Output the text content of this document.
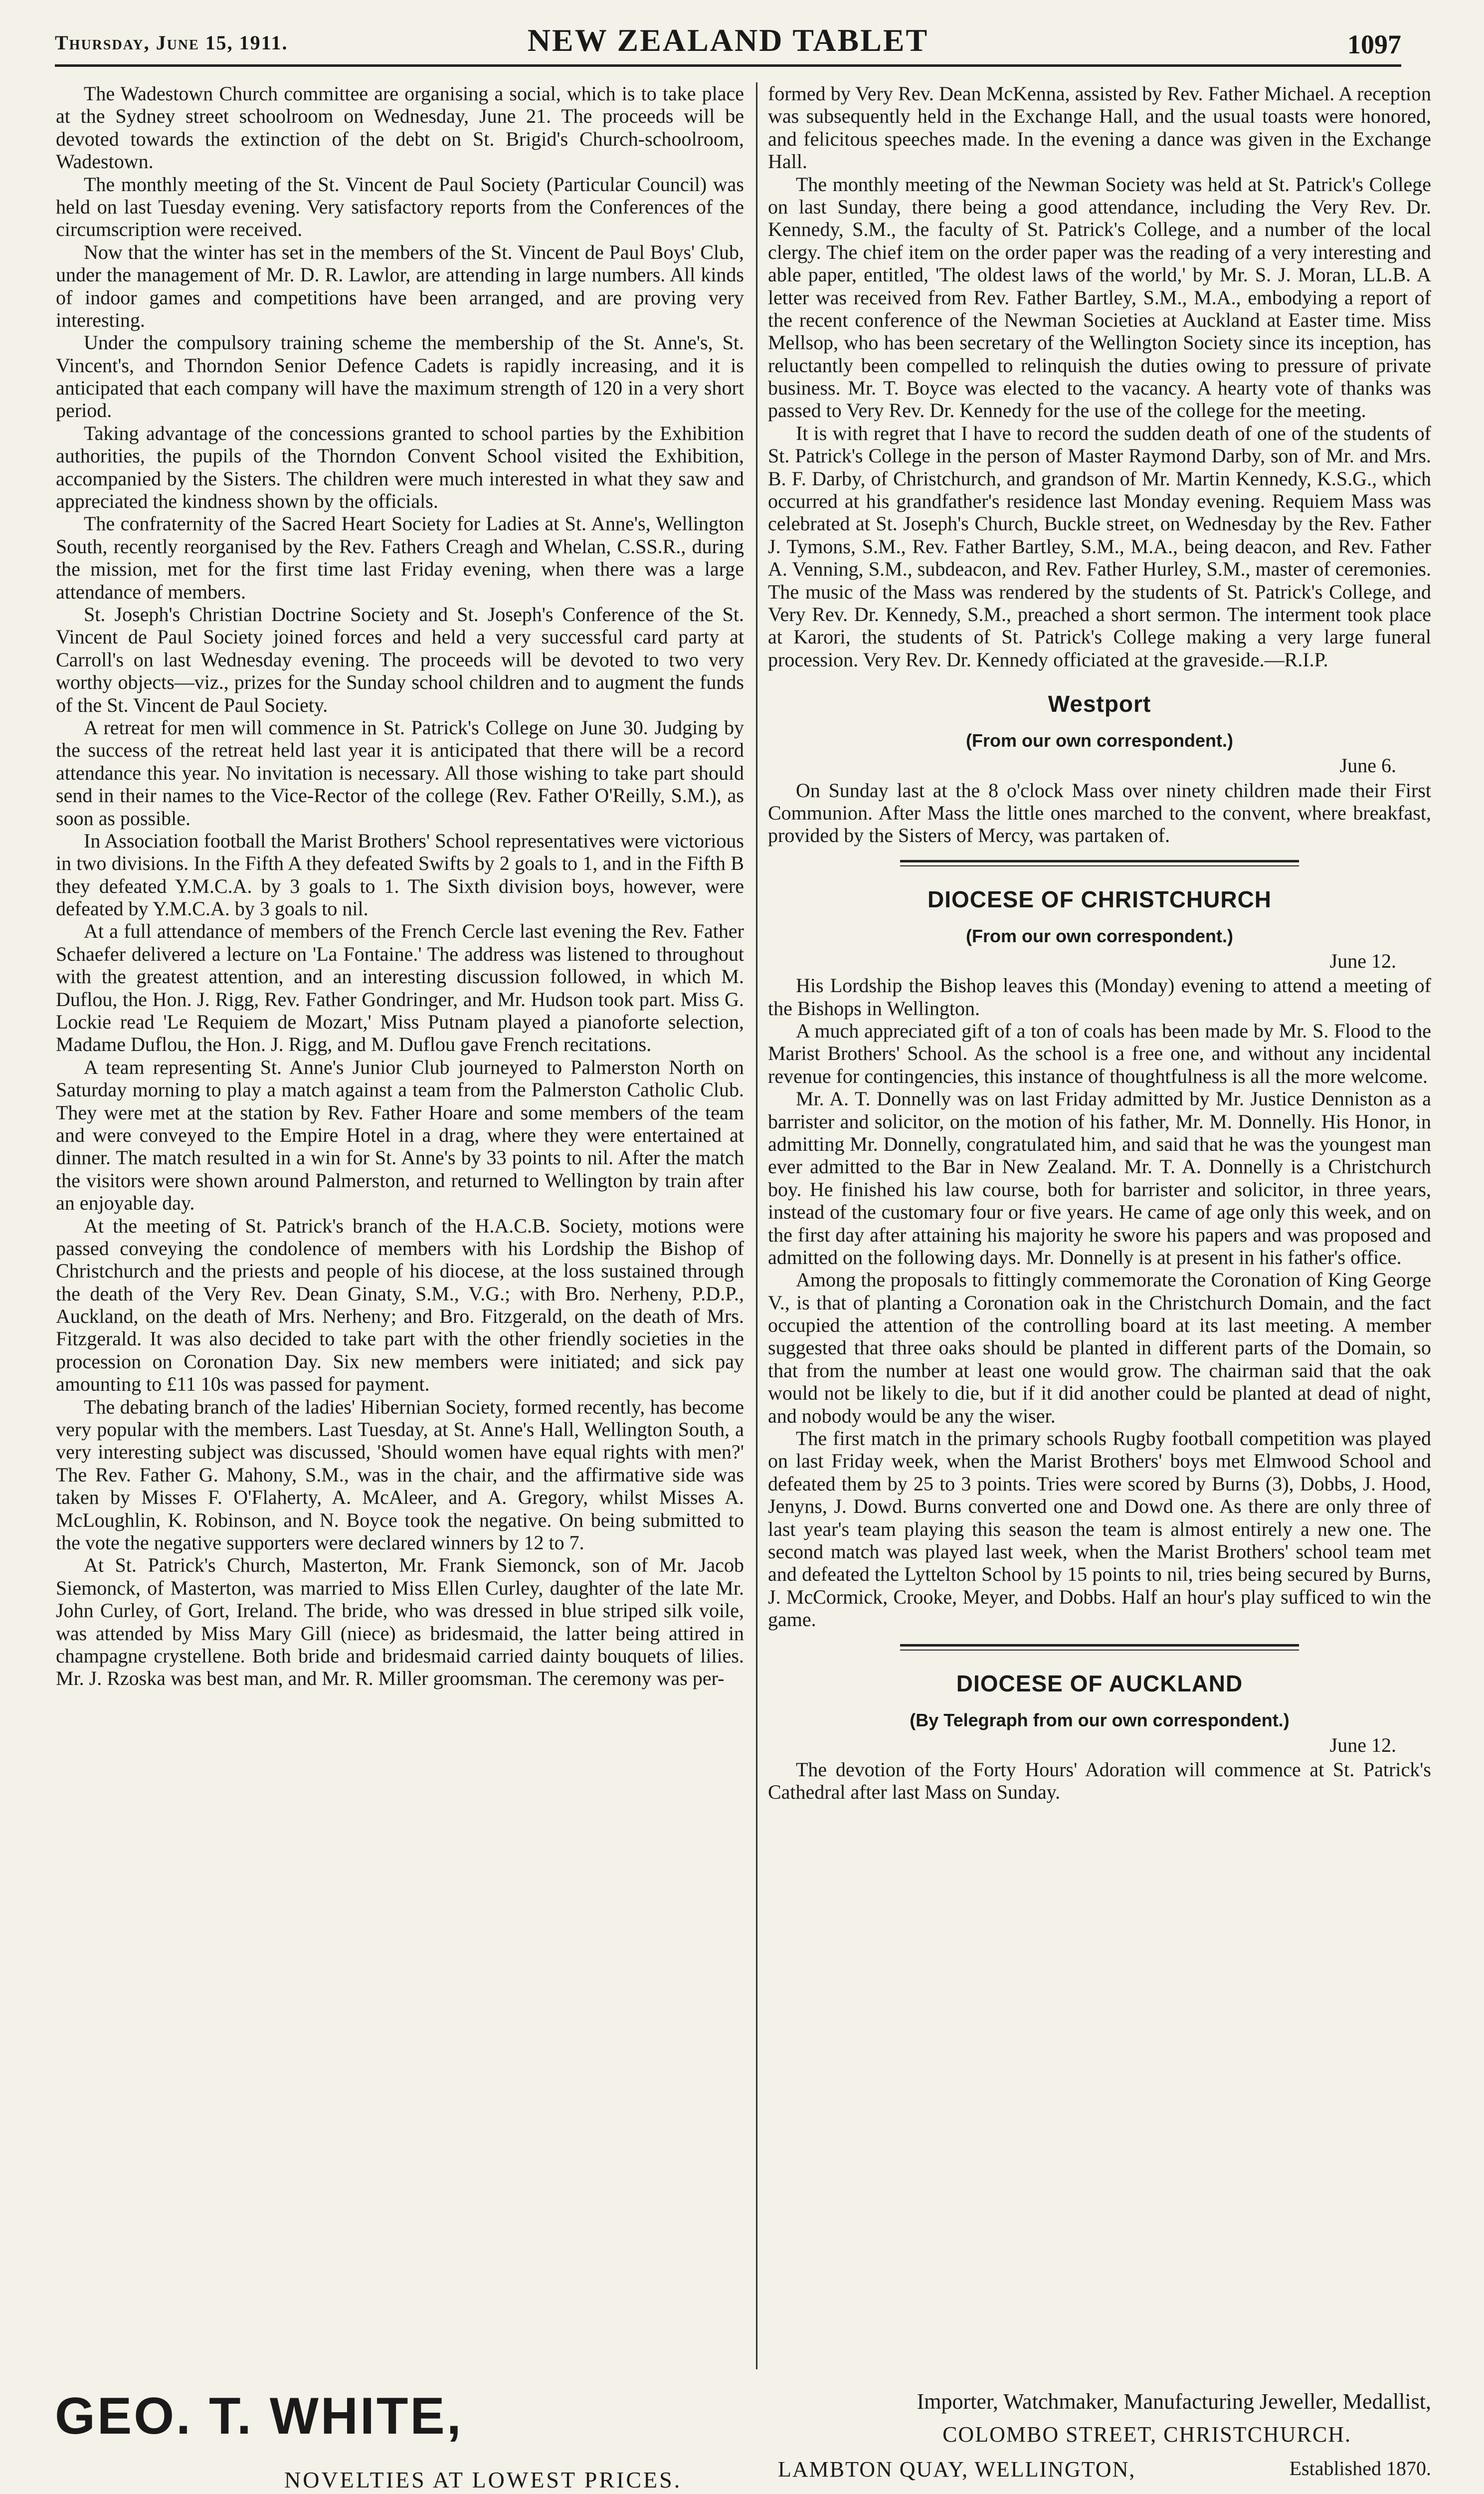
Thursday, June 15, 1911.	NEW ZEALAND TABLET	1097

The Wadestown Church committee are organising a social, which is to take place at the Sydney street schoolroom on Wednesday, June 21. The proceeds will be devoted towards the extinction of the debt on St. Brigid's Church-schoolroom, Wadestown.

The monthly meeting of the St. Vincent de Paul Society (Particular Council) was held on last Tuesday evening. Very satisfactory reports from the Conferences of the circumscription were received.

Now that the winter has set in the members of the St. Vincent de Paul Boys' Club, under the management of Mr. D. R. Lawlor, are attending in large numbers. All kinds of indoor games and competitions have been arranged, and are proving very interesting.

Under the compulsory training scheme the membership of the St. Anne's, St. Vincent's, and Thorndon Senior Defence Cadets is rapidly increasing, and it is anticipated that each company will have the maximum strength of 120 in a very short period.

Taking advantage of the concessions granted to school parties by the Exhibition authorities, the pupils of the Thorndon Convent School visited the Exhibition, accompanied by the Sisters. The children were much interested in what they saw and appreciated the kindness shown by the officials.

The confraternity of the Sacred Heart Society for Ladies at St. Anne's, Wellington South, recently reorganised by the Rev. Fathers Creagh and Whelan, C.SS.R., during the mission, met for the first time last Friday evening, when there was a large attendance of members.

St. Joseph's Christian Doctrine Society and St. Joseph's Conference of the St. Vincent de Paul Society joined forces and held a very successful card party at Carroll's on last Wednesday evening. The proceeds will be devoted to two very worthy objects—viz., prizes for the Sunday school children and to augment the funds of the St. Vincent de Paul Society.

A retreat for men will commence in St. Patrick's College on June 30. Judging by the success of the retreat held last year it is anticipated that there will be a record attendance this year. No invitation is necessary. All those wishing to take part should send in their names to the Vice-Rector of the college (Rev. Father O'Reilly, S.M.), as soon as possible.

In Association football the Marist Brothers' School representatives were victorious in two divisions. In the Fifth A they defeated Swifts by 2 goals to 1, and in the Fifth B they defeated Y.M.C.A. by 3 goals to 1. The Sixth division boys, however, were defeated by Y.M.C.A. by 3 goals to nil.

At a full attendance of members of the French Cercle last evening the Rev. Father Schaefer delivered a lecture on 'La Fontaine.' The address was listened to throughout with the greatest attention, and an interesting discussion followed, in which M. Duflou, the Hon. J. Rigg, Rev. Father Gondringer, and Mr. Hudson took part. Miss G. Lockie read 'Le Requiem de Mozart,' Miss Putnam played a pianoforte selection, Madame Duflou, the Hon. J. Rigg, and M. Duflou gave French recitations.

A team representing St. Anne's Junior Club journeyed to Palmerston North on Saturday morning to play a match against a team from the Palmerston Catholic Club. They were met at the station by Rev. Father Hoare and some members of the team and were conveyed to the Empire Hotel in a drag, where they were entertained at dinner. The match resulted in a win for St. Anne's by 33 points to nil. After the match the visitors were shown around Palmerston, and returned to Wellington by train after an enjoyable day.

At the meeting of St. Patrick's branch of the H.A.C.B. Society, motions were passed conveying the condolence of members with his Lordship the Bishop of Christchurch and the priests and people of his diocese, at the loss sustained through the death of the Very Rev. Dean Ginaty, S.M., V.G.; with Bro. Nerheny, P.D.P., Auckland, on the death of Mrs. Nerheny; and Bro. Fitzgerald, on the death of Mrs. Fitzgerald. It was also decided to take part with the other friendly societies in the procession on Coronation Day. Six new members were initiated; and sick pay amounting to £11 10s was passed for payment.

The debating branch of the ladies' Hibernian Society, formed recently, has become very popular with the members. Last Tuesday, at St. Anne's Hall, Wellington South, a very interesting subject was discussed, 'Should women have equal rights with men?' The Rev. Father G. Mahony, S.M., was in the chair, and the affirmative side was taken by Misses F. O'Flaherty, A. McAleer, and A. Gregory, whilst Misses A. McLoughlin, K. Robinson, and N. Boyce took the negative. On being submitted to the vote the negative supporters were declared winners by 12 to 7.

At St. Patrick's Church, Masterton, Mr. Frank Siemonck, son of Mr. Jacob Siemonck, of Masterton, was married to Miss Ellen Curley, daughter of the late Mr. John Curley, of Gort, Ireland. The bride, who was dressed in blue striped silk voile, was attended by Miss Mary Gill (niece) as bridesmaid, the latter being attired in champagne crystellene. Both bride and bridesmaid carried dainty bouquets of lilies. Mr. J. Rzoska was best man, and Mr. R. Miller groomsman. The ceremony was per-

formed by Very Rev. Dean McKenna, assisted by Rev. Father Michael. A reception was subsequently held in the Exchange Hall, and the usual toasts were honored, and felicitous speeches made. In the evening a dance was given in the Exchange Hall.

The monthly meeting of the Newman Society was held at St. Patrick's College on last Sunday, there being a good attendance, including the Very Rev. Dr. Kennedy, S.M., the faculty of St. Patrick's College, and a number of the local clergy. The chief item on the order paper was the reading of a very interesting and able paper, entitled, 'The oldest laws of the world,' by Mr. S. J. Moran, LL.B. A letter was received from Rev. Father Bartley, S.M., M.A., embodying a report of the recent conference of the Newman Societies at Auckland at Easter time. Miss Mellsop, who has been secretary of the Wellington Society since its inception, has reluctantly been compelled to relinquish the duties owing to pressure of private business. Mr. T. Boyce was elected to the vacancy. A hearty vote of thanks was passed to Very Rev. Dr. Kennedy for the use of the college for the meeting.

It is with regret that I have to record the sudden death of one of the students of St. Patrick's College in the person of Master Raymond Darby, son of Mr. and Mrs. B. F. Darby, of Christchurch, and grandson of Mr. Martin Kennedy, K.S.G., which occurred at his grandfather's residence last Monday evening. Requiem Mass was celebrated at St. Joseph's Church, Buckle street, on Wednesday by the Rev. Father J. Tymons, S.M., Rev. Father Bartley, S.M., M.A., being deacon, and Rev. Father A. Venning, S.M., subdeacon, and Rev. Father Hurley, S.M., master of ceremonies. The music of the Mass was rendered by the students of St. Patrick's College, and Very Rev. Dr. Kennedy, S.M., preached a short sermon. The interment took place at Karori, the students of St. Patrick's College making a very large funeral procession. Very Rev. Dr. Kennedy officiated at the graveside.—R.I.P.

Westport
(From our own correspondent.)
June 6.

On Sunday last at the 8 o'clock Mass over ninety children made their First Communion. After Mass the little ones marched to the convent, where breakfast, provided by the Sisters of Mercy, was partaken of.

DIOCESE OF CHRISTCHURCH
(From our own correspondent.)
June 12.

His Lordship the Bishop leaves this (Monday) evening to attend a meeting of the Bishops in Wellington.

A much appreciated gift of a ton of coals has been made by Mr. S. Flood to the Marist Brothers' School. As the school is a free one, and without any incidental revenue for contingencies, this instance of thoughtfulness is all the more welcome.

Mr. A. T. Donnelly was on last Friday admitted by Mr. Justice Denniston as a barrister and solicitor, on the motion of his father, Mr. M. Donnelly. His Honor, in admitting Mr. Donnelly, congratulated him, and said that he was the youngest man ever admitted to the Bar in New Zealand. Mr. T. A. Donnelly is a Christchurch boy. He finished his law course, both for barrister and solicitor, in three years, instead of the customary four or five years. He came of age only this week, and on the first day after attaining his majority he swore his papers and was proposed and admitted on the following days. Mr. Donnelly is at present in his father's office.

Among the proposals to fittingly commemorate the Coronation of King George V., is that of planting a Coronation oak in the Christchurch Domain, and the fact occupied the attention of the controlling board at its last meeting. A member suggested that three oaks should be planted in different parts of the Domain, so that from the number at least one would grow. The chairman said that the oak would not be likely to die, but if it did another could be planted at dead of night, and nobody would be any the wiser.

The first match in the primary schools Rugby football competition was played on last Friday week, when the Marist Brothers' boys met Elmwood School and defeated them by 25 to 3 points. Tries were scored by Burns (3), Dobbs, J. Hood, Jenyns, J. Dowd. Burns converted one and Dowd one. As there are only three of last year's team playing this season the team is almost entirely a new one. The second match was played last week, when the Marist Brothers' school team met and defeated the Lyttelton School by 15 points to nil, tries being secured by Burns, J. McCormick, Crooke, Meyer, and Dobbs. Half an hour's play sufficed to win the game.

DIOCESE OF AUCKLAND
(By Telegraph from our own correspondent.)
June 12.

The devotion of the Forty Hours' Adoration will commence at St. Patrick's Cathedral after last Mass on Sunday.

GEO. T. WHITE,
NOVELTIES AT LOWEST PRICES.
Importer, Watchmaker, Manufacturing Jeweller, Medallist,
COLOMBO STREET, CHRISTCHURCH.
LAMBTON QUAY, WELLINGTON,	Established 1870.
